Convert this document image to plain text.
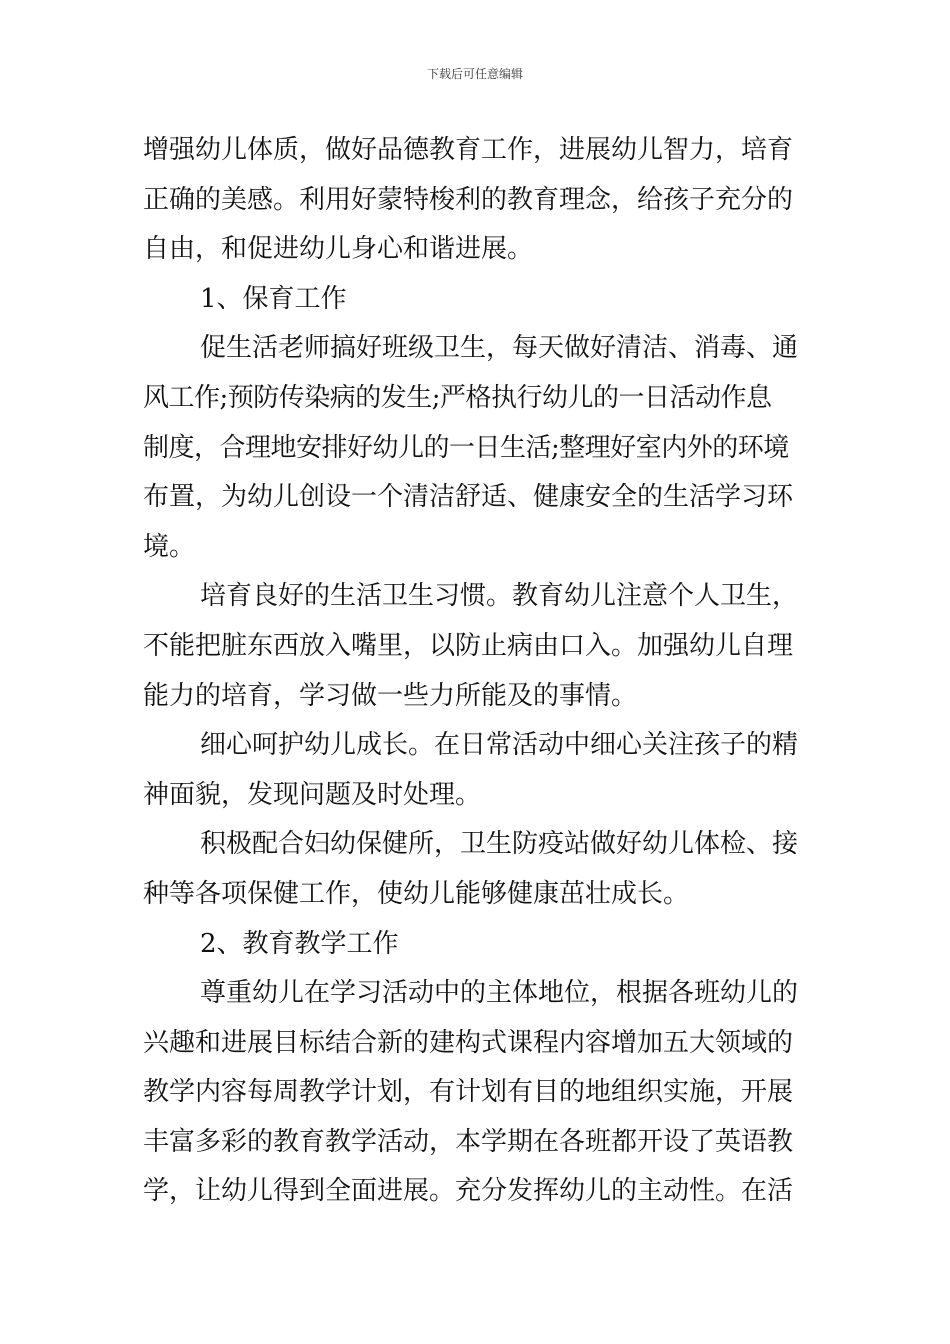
下载后可任意编辑
增强幼儿体质，做好品德教育工作，进展幼儿智力，培育
正确的美感。利用好蒙特梭利的教育理念，给孩子充分的
自由，和促进幼儿身心和谐进展。
1、保育工作
促生活老师搞好班级卫生，每天做好清洁、消毒、通
风工作;预防传染病的发生;严格执行幼儿的一日活动作息
制度，合理地安排好幼儿的一日生活;整理好室内外的环境
布置，为幼儿创设一个清洁舒适、健康安全的生活学习环
境。
培育良好的生活卫生习惯。教育幼儿注意个人卫生，
不能把脏东西放入嘴里，以防止病由口入。加强幼儿自理
能力的培育，学习做一些力所能及的事情。
细心呵护幼儿成长。在日常活动中细心关注孩子的精
神面貌，发现问题及时处理。
积极配合妇幼保健所，卫生防疫站做好幼儿体检、接
种等各项保健工作，使幼儿能够健康茁壮成长。
2、教育教学工作
尊重幼儿在学习活动中的主体地位，根据各班幼儿的
兴趣和进展目标结合新的建构式课程内容增加五大领域的
教学内容每周教学计划，有计划有目的地组织实施，开展
丰富多彩的教育教学活动，本学期在各班都开设了英语教
学，让幼儿得到全面进展。充分发挥幼儿的主动性。在活
